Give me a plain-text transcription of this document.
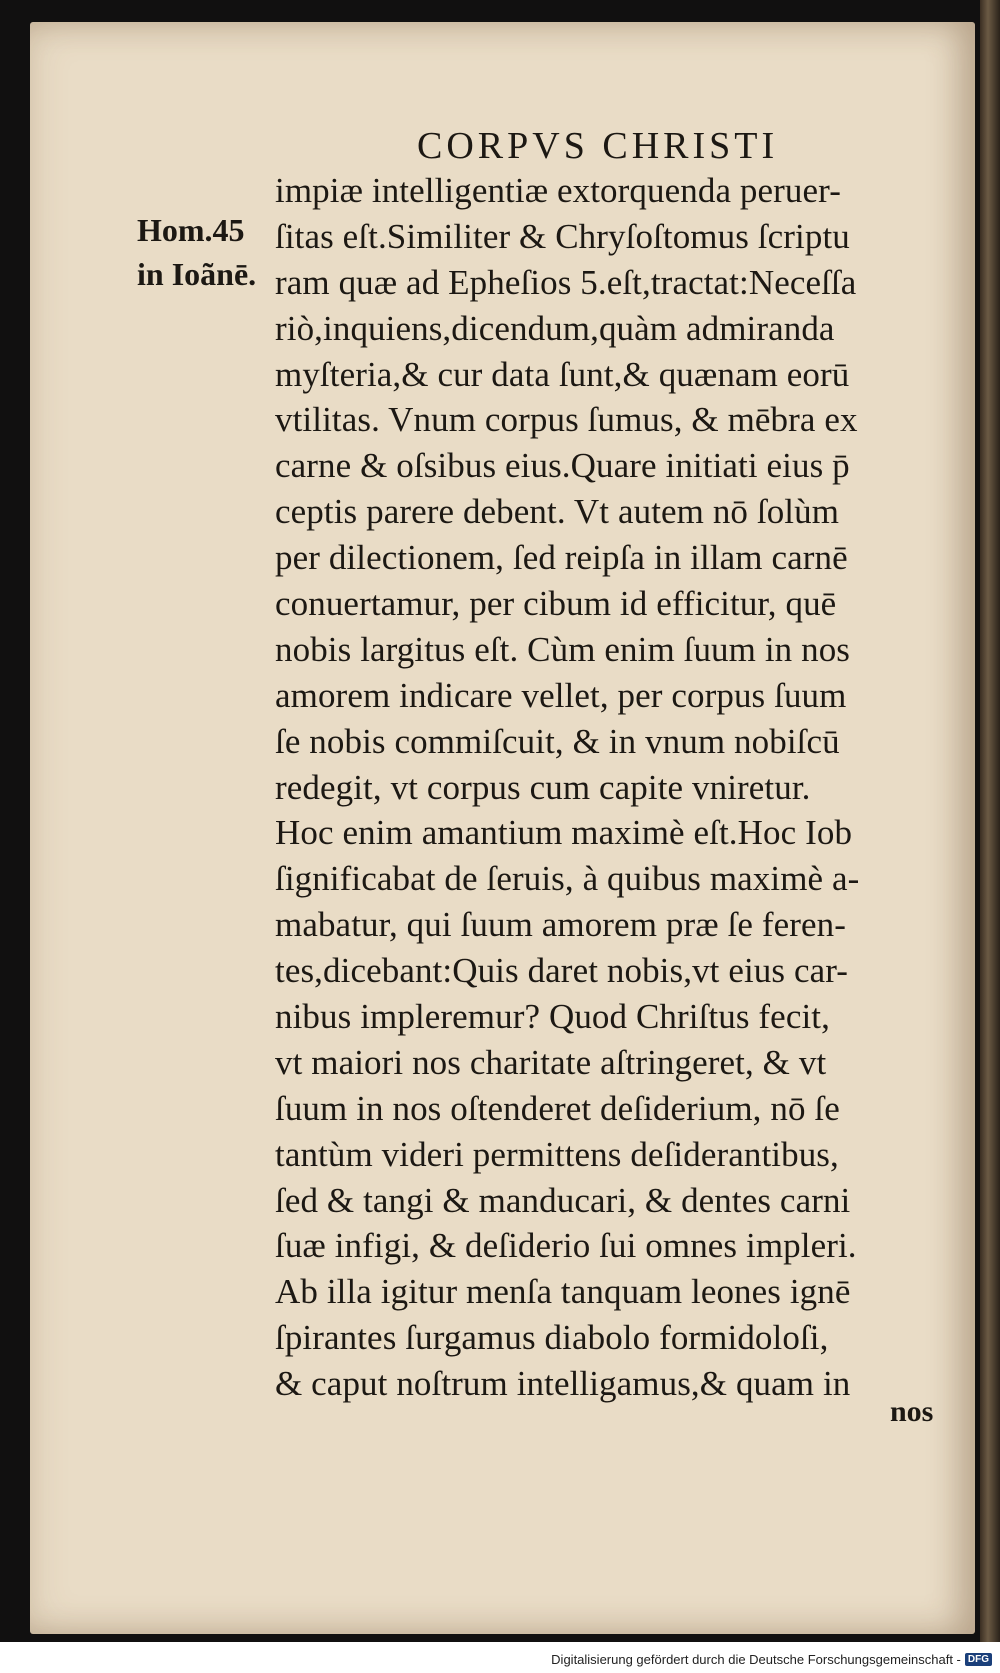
CORPVS CHRISTI
Hom.45
in Ioãnē.
impiæ intelligentiæ extorquenda peruer-
ſitas eſt.Similiter & Chryſoſtomus ſcriptu
ram quæ ad Epheſios 5.eſt,tractat:Neceſſa
riò,inquiens,dicendum,quàm admiranda
myſteria,& cur data ſunt,& quænam eorū
vtilitas. Vnum corpus ſumus, & mēbra ex
carne & oſsibus eius.Quare initiati eius p̄
ceptis parere debent. Vt autem nō ſolùm
per dilectionem, ſed reipſa in illam carnē
conuertamur, per cibum id efficitur, quē
nobis largitus eſt. Cùm enim ſuum in nos
amorem indicare vellet, per corpus ſuum
ſe nobis commiſcuit, & in vnum nobiſcū
redegit, vt corpus cum capite vniretur.
Hoc enim amantium maximè eſt.Hoc Iob
ſignificabat de ſeruis, à quibus maximè a-
mabatur, qui ſuum amorem præ ſe feren-
tes,dicebant:Quis daret nobis,vt eius car-
nibus impleremur? Quod Chriſtus fecit,
vt maiori nos charitate aſtringeret, & vt
ſuum in nos oſtenderet deſiderium, nō ſe
tantùm videri permittens deſiderantibus,
ſed & tangi & manducari, & dentes carni
ſuæ infigi, & deſiderio ſui omnes impleri.
Ab illa igitur menſa tanquam leones ignē
ſpirantes ſurgamus diabolo formidoloſi,
& caput noſtrum intelligamus,& quam in
nos
Digitalisierung gefördert durch die Deutsche Forschungsgemeinschaft - DFG
